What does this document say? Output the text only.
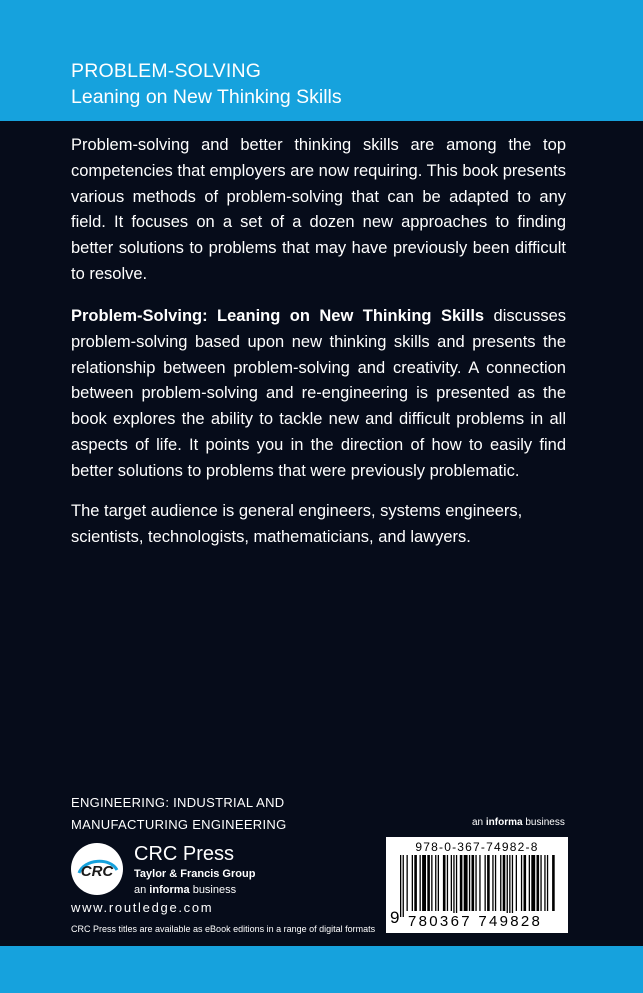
PROBLEM-SOLVING
Leaning on New Thinking Skills

Problem-solving and better thinking skills are among the top competencies that employers are now requiring. This book presents various methods of problem-solving that can be adapted to any field. It focuses on a set of a dozen new approaches to finding better solutions to problems that may have previously been difficult to resolve.

Problem-Solving: Leaning on New Thinking Skills discusses problem-solving based upon new thinking skills and presents the relationship between problem-solving and creativity. A connection between problem-solving and re-engineering is presented as the book explores the ability to tackle new and difficult problems in all aspects of life. It points you in the direction of how to easily find better solutions to problems that were previously problematic.

The target audience is general engineers, systems engineers, scientists, technologists, mathematicians, and lawyers.

ENGINEERING: INDUSTRIAL AND
MANUFACTURING ENGINEERING	an informa business
CRC
CRC Press
Taylor & Francis Group
an informa business
www.routledge.com
CRC Press titles are available as eBook editions in a range of digital formats
978-0-367-74982-8
9 780367 749828
